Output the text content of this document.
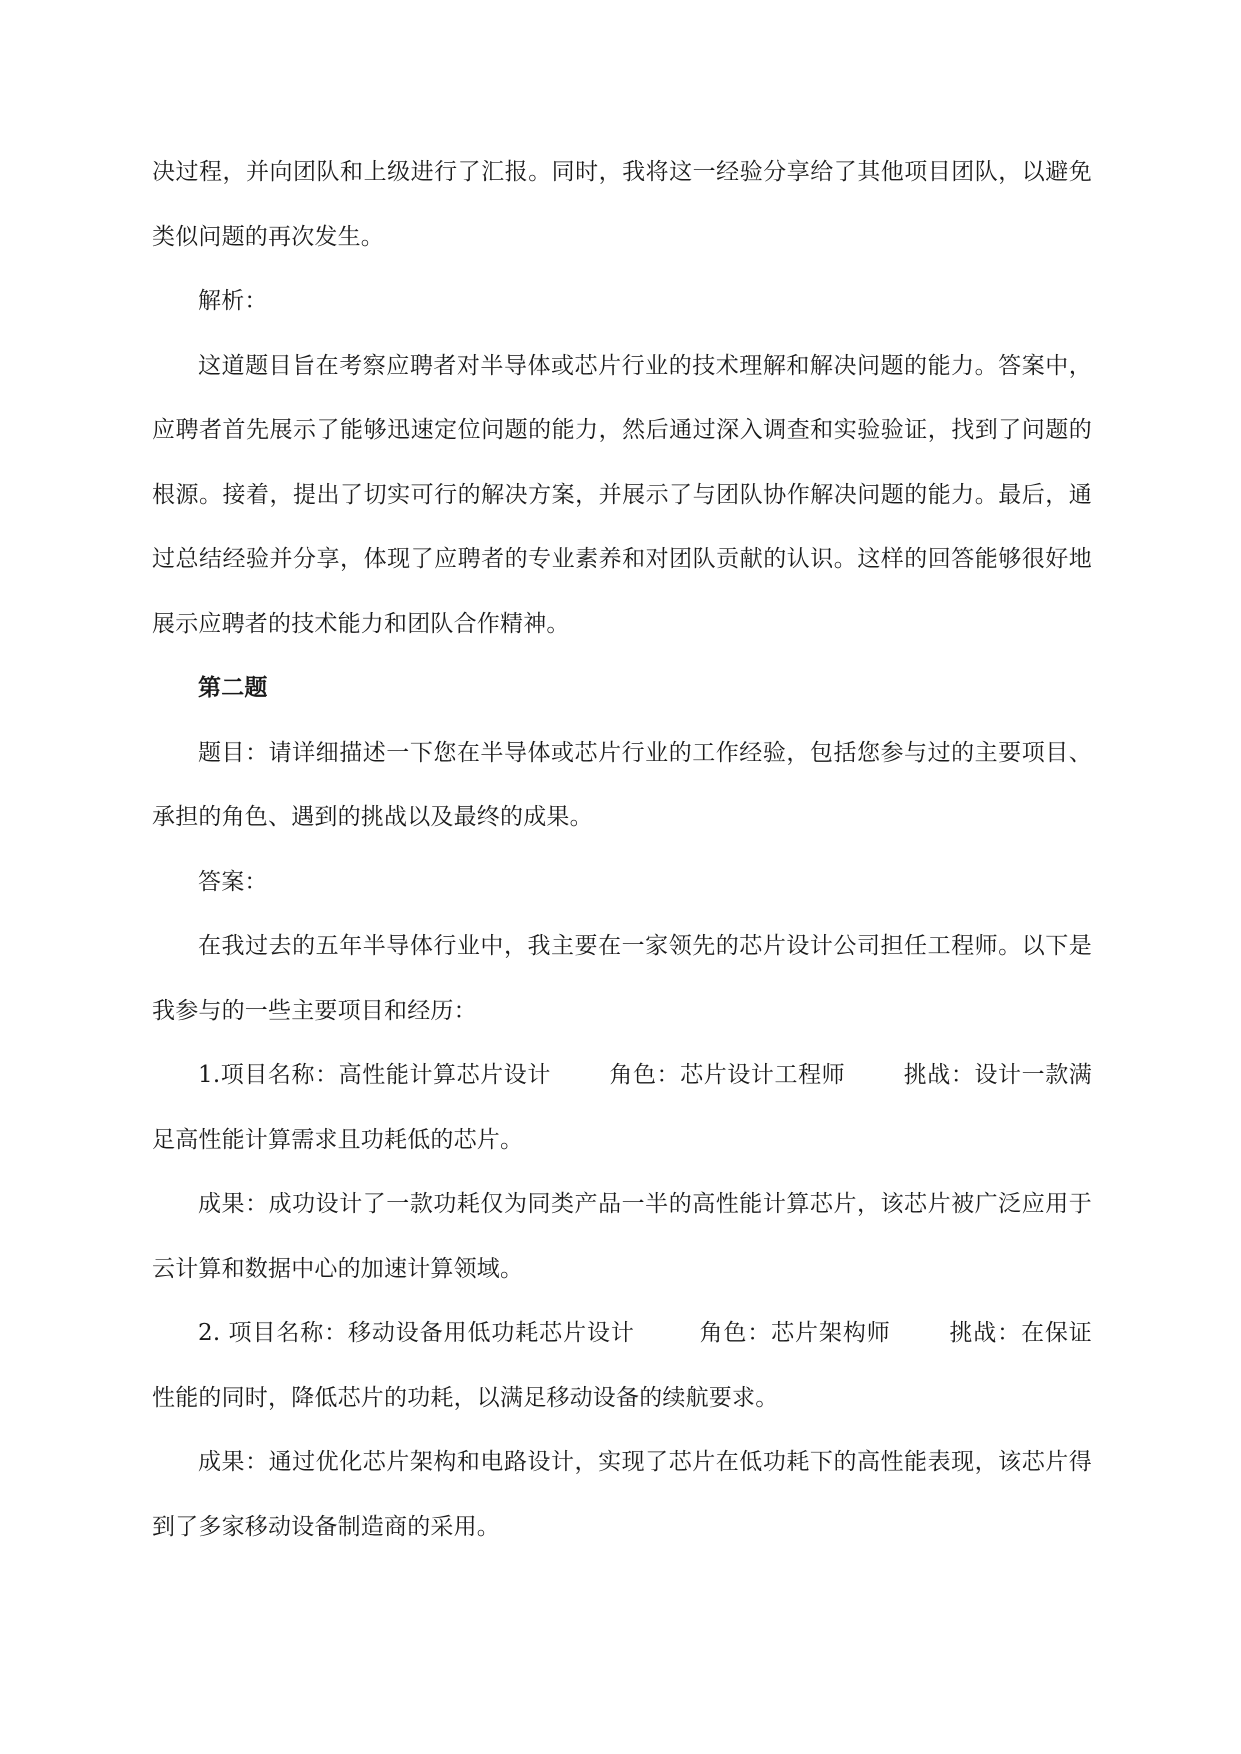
决过程，并向团队和上级进行了汇报。同时，我将这一经验分享给了其他项目团队，以避免类似问题的再次发生。

解析：

这道题目旨在考察应聘者对半导体或芯片行业的技术理解和解决问题的能力。答案中，应聘者首先展示了能够迅速定位问题的能力，然后通过深入调查和实验验证，找到了问题的根源。接着，提出了切实可行的解决方案，并展示了与团队协作解决问题的能力。最后，通过总结经验并分享，体现了应聘者的专业素养和对团队贡献的认识。这样的回答能够很好地展示应聘者的技术能力和团队合作精神。

第二题

题目：请详细描述一下您在半导体或芯片行业的工作经验，包括您参与过的主要项目、承担的角色、遇到的挑战以及最终的成果。

答案：

在我过去的五年半导体行业中，我主要在一家领先的芯片设计公司担任工程师。以下是我参与的一些主要项目和经历：

1.项目名称：高性能计算芯片设计	角色：芯片设计工程师	挑战：设计一款满足高性能计算需求且功耗低的芯片。

成果：成功设计了一款功耗仅为同类产品一半的高性能计算芯片，该芯片被广泛应用于云计算和数据中心的加速计算领域。

2. 项目名称：移动设备用低功耗芯片设计	角色：芯片架构师	挑战：在保证性能的同时，降低芯片的功耗，以满足移动设备的续航要求。

成果：通过优化芯片架构和电路设计，实现了芯片在低功耗下的高性能表现，该芯片得到了多家移动设备制造商的采用。
